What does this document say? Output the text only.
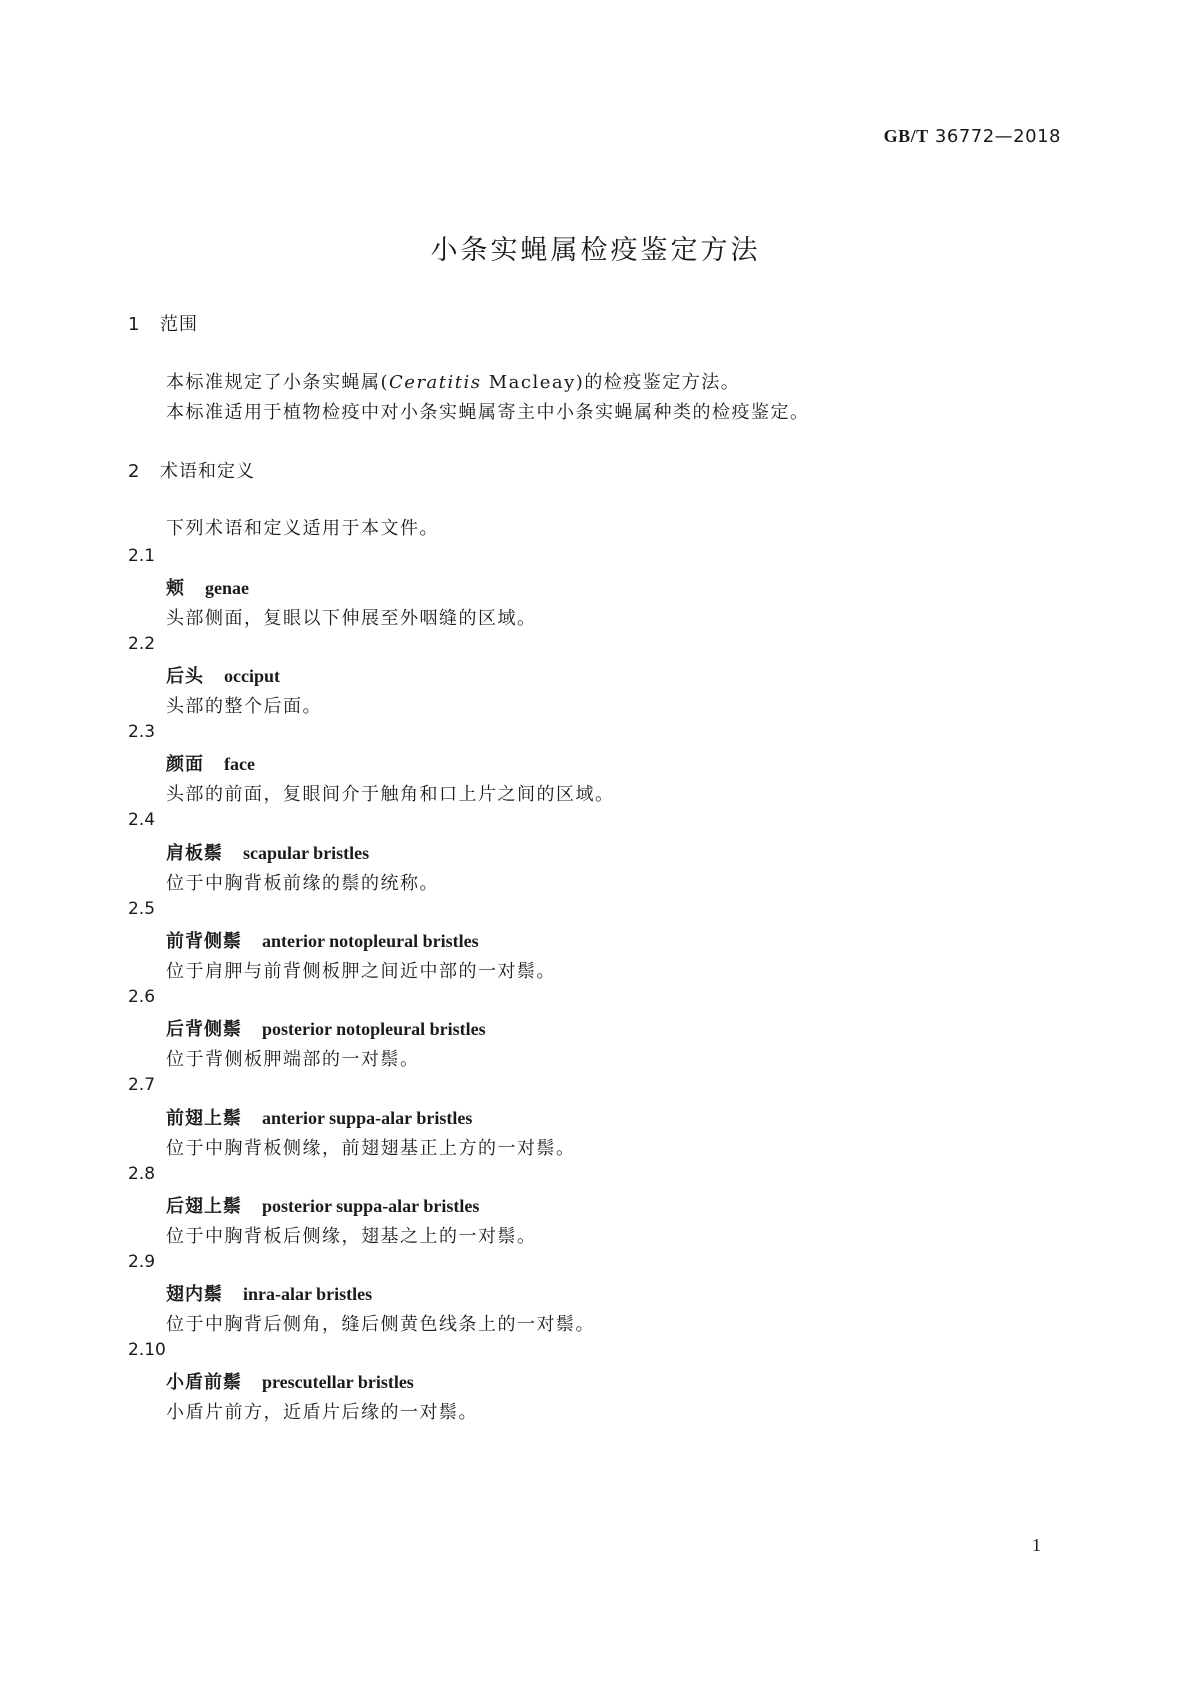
GB/T 36772—2018
小条实蝇属检疫鉴定方法
1 范围
本标准规定了小条实蝇属(Ceratitis Macleay)的检疫鉴定方法。
本标准适用于植物检疫中对小条实蝇属寄主中小条实蝇属种类的检疫鉴定。
2 术语和定义
下列术语和定义适用于本文件。
2.1
颊 genae
头部侧面，复眼以下伸展至外咽缝的区域。
2.2
后头 occiput
头部的整个后面。
2.3
颜面 face
头部的前面，复眼间介于触角和口上片之间的区域。
2.4
肩板鬃 scapular bristles
位于中胸背板前缘的鬃的统称。
2.5
前背侧鬃 anterior notopleural bristles
位于肩胛与前背侧板胛之间近中部的一对鬃。
2.6
后背侧鬃 posterior notopleural bristles
位于背侧板胛端部的一对鬃。
2.7
前翅上鬃 anterior suppa-alar bristles
位于中胸背板侧缘，前翅翅基正上方的一对鬃。
2.8
后翅上鬃 posterior suppa-alar bristles
位于中胸背板后侧缘，翅基之上的一对鬃。
2.9
翅内鬃 inra-alar bristles
位于中胸背后侧角，缝后侧黄色线条上的一对鬃。
2.10
小盾前鬃 prescutellar bristles
小盾片前方，近盾片后缘的一对鬃。
1
